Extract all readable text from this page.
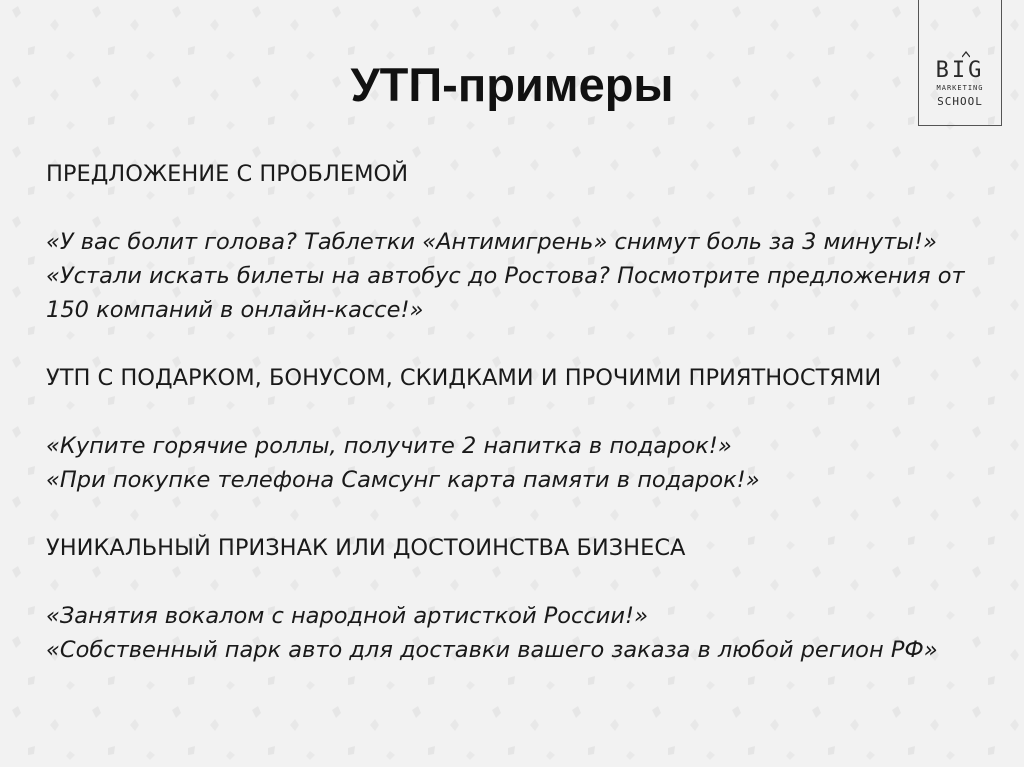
УТП-примеры	BIG
MARKETING
SCHOOL
ПРЕДЛОЖЕНИЕ С ПРОБЛЕМОЙ
«У вас болит голова? Таблетки «Антимигрень» снимут боль за 3 минуты!»
«Устали искать билеты на автобус до Ростова? Посмотрите предложения от 150 компаний в онлайн-кассе!»
УТП С ПОДАРКОМ, БОНУСОМ, СКИДКАМИ И ПРОЧИМИ ПРИЯТНОСТЯМИ
«Купите горячие роллы, получите 2 напитка в подарок!»
«При покупке телефона Самсунг карта памяти в подарок!»
УНИКАЛЬНЫЙ ПРИЗНАК ИЛИ ДОСТОИНСТВА БИЗНЕСА
«Занятия вокалом с народной артисткой России!»
«Собственный парк авто для доставки вашего заказа в любой регион РФ»
